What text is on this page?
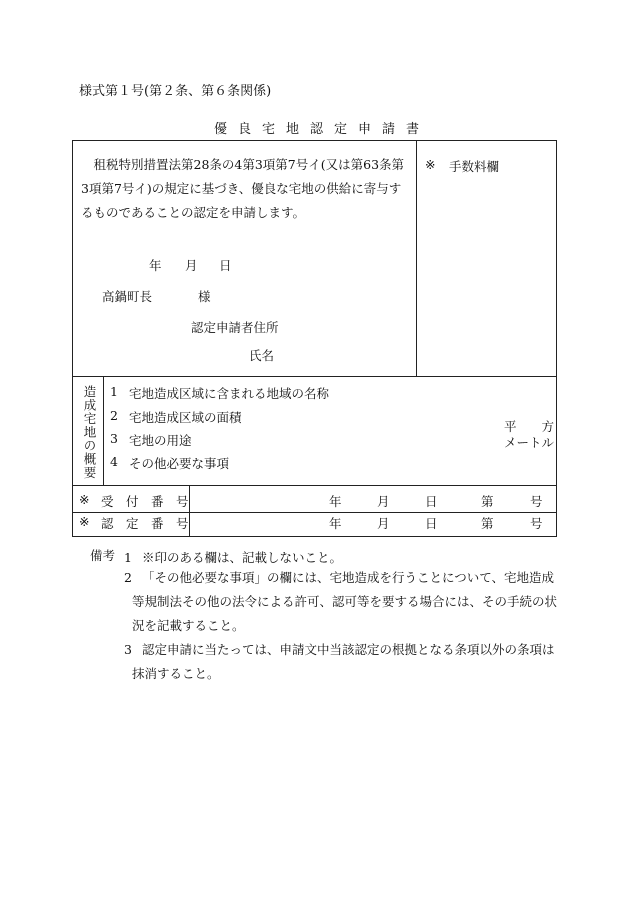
様式第１号(第２条、第６条関係)
優良宅地認定申請書

租税特別措置法第28条の4第3項第7号イ(又は第63条第3項第7号イ)の規定に基づき、優良な宅地の供給に寄与するものであることの認定を申請します。

年 月 日
高鍋町長	様
認定申請者住所
氏名
※ 手数料欄
造成宅地の概要	1 宅地造成区域に含まれる地域の名称
2 宅地造成区域の面積
3 宅地の用途
4 その他必要な事項
平　　方
メートル
※ 受　付　番　号	年	月	日	第	号
※ 認　定　番　号	年	月	日	第	号
備考 1 ※印のある欄は、記載しないこと。
2 「その他必要な事項」の欄には、宅地造成を行うことについて、宅地造成等規制法その他の法令による許可、認可等を要する場合には、その手続の状況を記載すること。
3 認定申請に当たっては、申請文中当該認定の根拠となる条項以外の条項は抹消すること。
